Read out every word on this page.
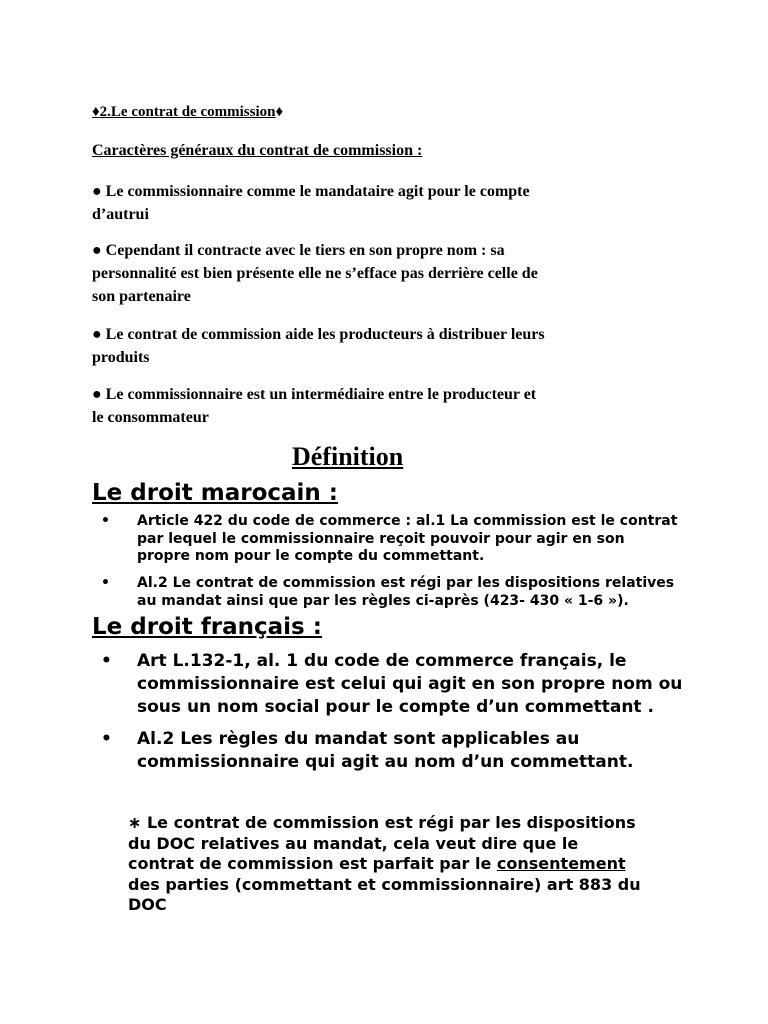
♦2.Le contrat de commission♦
Caractères généraux du contrat de commission :
● Le commissionnaire comme le mandataire agit pour le compte
d’autrui
● Cependant il contracte avec le tiers en son propre nom : sa
personnalité est bien présente elle ne s’efface pas derrière celle de
son partenaire
● Le contrat de commission aide les producteurs à distribuer leurs
produits
● Le commissionnaire est un intermédiaire entre le producteur et
le consommateur
Définition
Le droit marocain :
• Article 422 du code de commerce : al.1 La commission est le contrat
par lequel le commissionnaire reçoit pouvoir pour agir en son
propre nom pour le compte du commettant.
• Al.2 Le contrat de commission est régi par les dispositions relatives
au mandat ainsi que par les règles ci-après (423- 430 « 1-6 »).
Le droit français :
• Art L.132-1, al. 1 du code de commerce français, le
commissionnaire est celui qui agit en son propre nom ou
sous un nom social pour le compte d’un commettant .
• Al.2 Les règles du mandat sont applicables au
commissionnaire qui agit au nom d’un commettant.
∗ Le contrat de commission est régi par les dispositions
du DOC relatives au mandat, cela veut dire que le
contrat de commission est parfait par le consentement
des parties (commettant et commissionnaire) art 883 du
DOC
